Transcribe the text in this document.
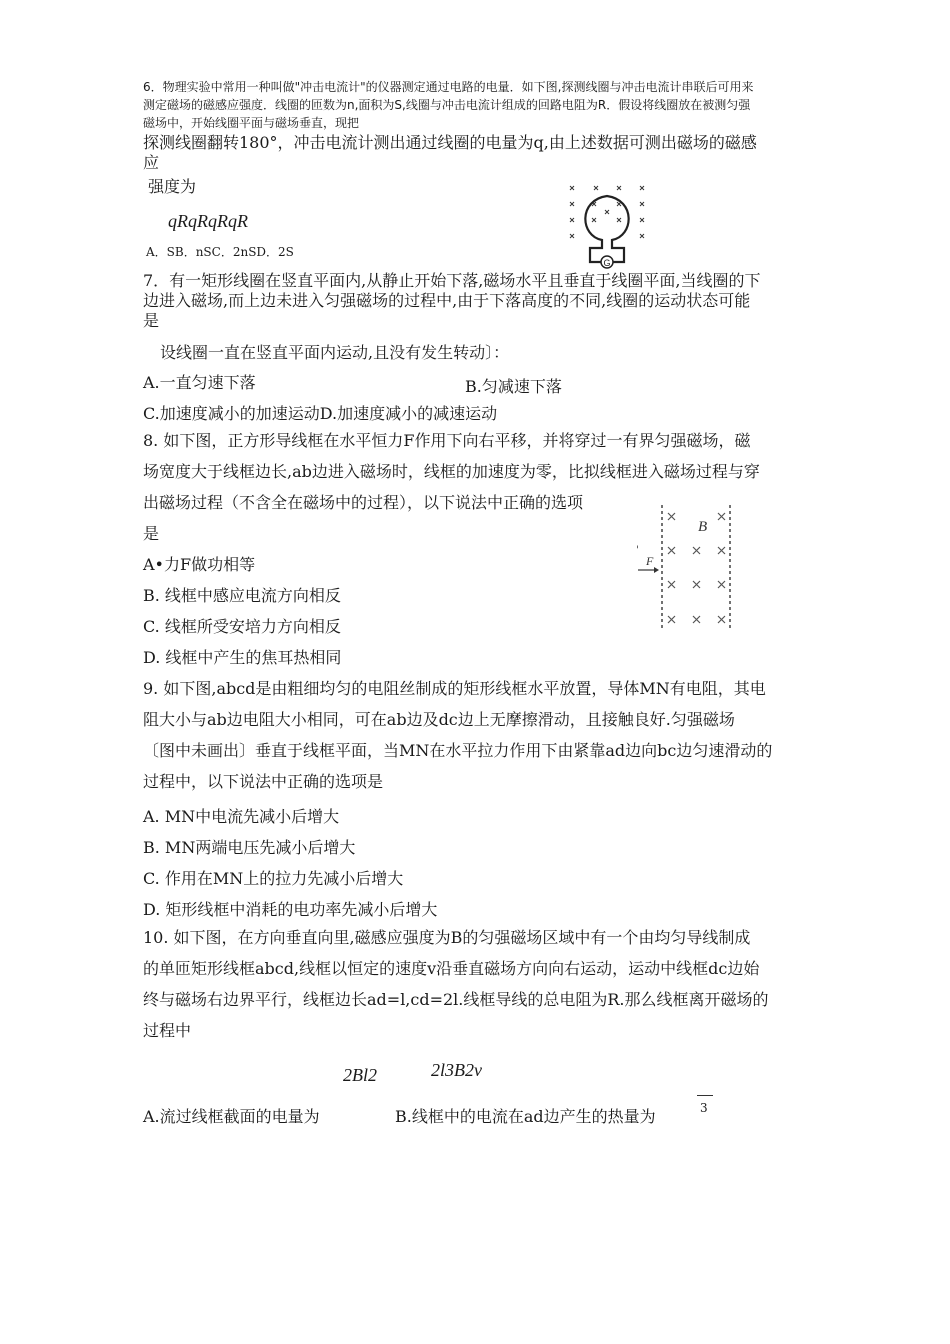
6．物理实验中常用一种叫做"冲击电流计"的仪器测定通过电路的电量．如下图,探测线圈与冲击电流计串联后可用来
测定磁场的磁感应强度．线圈的匝数为n,面积为S,线圈与冲击电流计组成的回路电阻为R．假设将线圈放在被测匀强
磁场中，开始线圈平面与磁场垂直，现把
探测线圈翻转180°，冲击电流计测出通过线圈的电量为q,由上述数据可测出磁场的磁感
应
强度为
qRqRqRqR
A．SB．nSC．2nSD．2S
G
7．有一矩形线圈在竖直平面内,从静止开始下落,磁场水平且垂直于线圈平面,当线圈的下
边进入磁场,而上边未进入匀强磁场的过程中,由于下落高度的不同,线圈的运动状态可能
是
设线圈一直在竖直平面内运动,且没有发生转动〕：
A.一直匀速下落	B.匀减速下落
C.加速度减小的加速运动D.加速度减小的减速运动
8. 如下图，正方形导线框在水平恒力F作用下向右平移，并将穿过一有界匀强磁场，磁
场宽度大于线框边长,ab边进入磁场时，线框的加速度为零，比拟线框进入磁场过程与穿
出磁场过程（不含全在磁场中的过程），以下说法中正确的选项
是
A•力F做功相等
B. 线框中感应电流方向相反
C. 线框所受安培力方向相反
D. 线框中产生的焦耳热相同
B
F
'
9. 如下图,abcd是由粗细均匀的电阻丝制成的矩形线框水平放置，导体MN有电阻，其电
阻大小与ab边电阻大小相同，可在ab边及dc边上无摩擦滑动，且接触良好.匀强磁场
〔图中未画出〕垂直于线框平面，当MN在水平拉力作用下由紧靠ad边向bc边匀速滑动的
过程中，以下说法中正确的选项是
A. MN中电流先减小后增大
B. MN两端电压先减小后增大
C. 作用在MN上的拉力先减小后增大
D. 矩形线框中消耗的电功率先减小后增大
10. 如下图，在方向垂直向里,磁感应强度为B的匀强磁场区域中有一个由均匀导线制成
的单匝矩形线框abcd,线框以恒定的速度v沿垂直磁场方向向右运动，运动中线框dc边始
终与磁场右边界平行，线框边长ad=l,cd=2l.线框导线的总电阻为R.那么线框离开磁场的
过程中
2Bl2	2l3B2v
A.流过线框截面的电量为	B.线框中的电流在ad边产生的热量为	3
